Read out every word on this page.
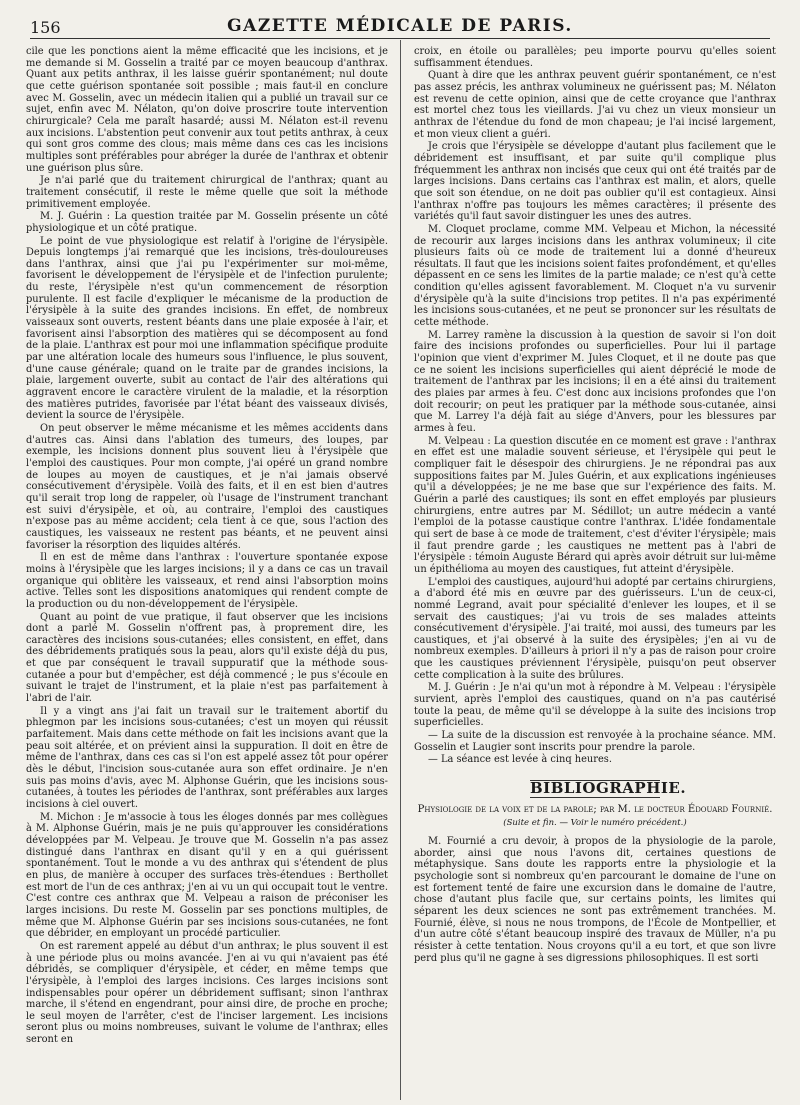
156	GAZETTE MÉDICALE DE PARIS.

cile que les ponctions aient la même efficacité que les incisions, et je me demande si M. Gosselin a traité par ce moyen beaucoup d'anthrax. Quant aux petits anthrax, il les laisse guérir spontanément; nul doute que cette guérison spontanée soit possible ; mais faut-il en conclure avec M. Gosselin, avec un médecin italien qui a publié un travail sur ce sujet, enfin avec M. Nélaton, qu'on doive proscrire toute intervention chirurgicale? Cela me paraît hasardé; aussi M. Nélaton est-il revenu aux incisions. L'abstention peut convenir aux tout petits anthrax, à ceux qui sont gros comme des clous; mais même dans ces cas les incisions multiples sont préférables pour abréger la durée de l'anthrax et obtenir une guérison plus sûre.

Je n'ai parlé que du traitement chirurgical de l'anthrax; quant au traitement consécutif, il reste le même quelle que soit la méthode primitivement employée.

M. J. Guérin : La question traitée par M. Gosselin présente un côté physiologique et un côté pratique.

Le point de vue physiologique est relatif à l'origine de l'érysipèle. Depuis longtemps j'ai remarqué que les incisions, très-douloureuses dans l'anthrax, ainsi que j'ai pu l'expérimenter sur moi-même, favorisent le développement de l'érysipèle et de l'infection purulente; du reste, l'érysipèle n'est qu'un commencement de résorption purulente. Il est facile d'expliquer le mécanisme de la production de l'érysipèle à la suite des grandes incisions. En effet, de nombreux vaisseaux sont ouverts, restent béants dans une plaie exposée à l'air, et favorisent ainsi l'absorption des matières qui se décomposent au fond de la plaie. L'anthrax est pour moi une inflammation spécifique produite par une altération locale des humeurs sous l'influence, le plus souvent, d'une cause générale; quand on le traite par de grandes incisions, la plaie, largement ouverte, subit au contact de l'air des altérations qui aggravent encore le caractère virulent de la maladie, et la résorption des matières putrides, favorisée par l'état béant des vaisseaux divisés, devient la source de l'érysipèle.

On peut observer le même mécanisme et les mêmes accidents dans d'autres cas. Ainsi dans l'ablation des tumeurs, des loupes, par exemple, les incisions donnent plus souvent lieu à l'érysipèle que l'emploi des caustiques. Pour mon compte, j'ai opéré un grand nombre de loupes au moyen de caustiques, et je n'ai jamais observé consécutivement d'érysipèle. Voilà des faits, et il en est bien d'autres qu'il serait trop long de rappeler, où l'usage de l'instrument tranchant est suivi d'érysipèle, et où, au contraire, l'emploi des caustiques n'expose pas au même accident; cela tient à ce que, sous l'action des caustiques, les vaisseaux ne restent pas béants, et ne peuvent ainsi favoriser la résorption des liquides altérés.

Il en est de même dans l'anthrax : l'ouverture spontanée expose moins à l'érysipèle que les larges incisions; il y a dans ce cas un travail organique qui oblitère les vaisseaux, et rend ainsi l'absorption moins active. Telles sont les dispositions anatomiques qui rendent compte de la production ou du non-développement de l'érysipèle.

Quant au point de vue pratique, il faut observer que les incisions dont a parlé M. Gosselin n'offrent pas, à proprement dire, les caractères des incisions sous-cutanées; elles consistent, en effet, dans des débridements pratiqués sous la peau, alors qu'il existe déjà du pus, et que par conséquent le travail suppuratif que la méthode sous-cutanée a pour but d'empêcher, est déjà commencé ; le pus s'écoule en suivant le trajet de l'instrument, et la plaie n'est pas parfaitement à l'abri de l'air.

Il y a vingt ans j'ai fait un travail sur le traitement abortif du phlegmon par les incisions sous-cutanées; c'est un moyen qui réussit parfaitement. Mais dans cette méthode on fait les incisions avant que la peau soit altérée, et on prévient ainsi la suppuration. Il doit en être de même de l'anthrax, dans ces cas si l'on est appelé assez tôt pour opérer dès le début, l'incision sous-cutanée aura son effet ordinaire. Je n'en suis pas moins d'avis, avec M. Alphonse Guérin, que les incisions sous-cutanées, à toutes les périodes de l'anthrax, sont préférables aux larges incisions à ciel ouvert.

M. Michon : Je m'associe à tous les éloges donnés par mes collègues à M. Alphonse Guérin, mais je ne puis qu'approuver les considérations développées par M. Velpeau. Je trouve que M. Gosselin n'a pas assez distingué dans l'anthrax en disant qu'il y en a qui guérissent spontanément. Tout le monde a vu des anthrax qui s'étendent de plus en plus, de manière à occuper des surfaces très-étendues : Berthollet est mort de l'un de ces anthrax; j'en ai vu un qui occupait tout le ventre. C'est contre ces anthrax que M. Velpeau a raison de préconiser les larges incisions. Du reste M. Gosselin par ses ponctions multiples, de même que M. Alphonse Guérin par ses incisions sous-cutanées, ne font que débrider, en employant un procédé particulier.

On est rarement appelé au début d'un anthrax; le plus souvent il est à une période plus ou moins avancée. J'en ai vu qui n'avaient pas été débridés, se compliquer d'érysipèle, et céder, en même temps que l'érysipèle, à l'emploi des larges incisions. Ces larges incisions sont indispensables pour opérer un débridement suffisant; sinon l'anthrax marche, il s'étend en engendrant, pour ainsi dire, de proche en proche; le seul moyen de l'arrêter, c'est de l'inciser largement. Les incisions seront plus ou moins nombreuses, suivant le volume de l'anthrax; elles seront en

croix, en étoile ou parallèles; peu importe pourvu qu'elles soient suffisamment étendues.

Quant à dire que les anthrax peuvent guérir spontanément, ce n'est pas assez précis, les anthrax volumineux ne guérissent pas; M. Nélaton est revenu de cette opinion, ainsi que de cette croyance que l'anthrax est mortel chez tous les vieillards. J'ai vu chez un vieux monsieur un anthrax de l'étendue du fond de mon chapeau; je l'ai incisé largement, et mon vieux client a guéri.

Je crois que l'érysipèle se développe d'autant plus facilement que le débridement est insuffisant, et par suite qu'il complique plus fréquemment les anthrax non incisés que ceux qui ont été traités par de larges incisions. Dans certains cas l'anthrax est malin, et alors, quelle que soit son étendue, on ne doit pas oublier qu'il est contagieux. Ainsi l'anthrax n'offre pas toujours les mêmes caractères; il présente des variétés qu'il faut savoir distinguer les unes des autres.

M. Cloquet proclame, comme MM. Velpeau et Michon, la nécessité de recourir aux larges incisions dans les anthrax volumineux; il cite plusieurs faits où ce mode de traitement lui a donné d'heureux résultats. Il faut que les incisions soient faites profondément, et qu'elles dépassent en ce sens les limites de la partie malade; ce n'est qu'à cette condition qu'elles agissent favorablement. M. Cloquet n'a vu survenir d'érysipèle qu'à la suite d'incisions trop petites. Il n'a pas expérimenté les incisions sous-cutanées, et ne peut se prononcer sur les résultats de cette méthode.

M. Larrey ramène la discussion à la question de savoir si l'on doit faire des incisions profondes ou superficielles. Pour lui il partage l'opinion que vient d'exprimer M. Jules Cloquet, et il ne doute pas que ce ne soient les incisions superficielles qui aient déprécié le mode de traitement de l'anthrax par les incisions; il en a été ainsi du traitement des plaies par armes à feu. C'est donc aux incisions profondes que l'on doit recourir; on peut les pratiquer par la méthode sous-cutanée, ainsi que M. Larrey l'a déjà fait au siége d'Anvers, pour les blessures par armes à feu.

M. Velpeau : La question discutée en ce moment est grave : l'anthrax en effet est une maladie souvent sérieuse, et l'érysipèle qui peut le compliquer fait le désespoir des chirurgiens. Je ne répondrai pas aux suppositions faites par M. Jules Guérin, et aux explications ingénieuses qu'il a développées; je ne me base que sur l'expérience des faits. M. Guérin a parlé des caustiques; ils sont en effet employés par plusieurs chirurgiens, entre autres par M. Sédillot; un autre médecin a vanté l'emploi de la potasse caustique contre l'anthrax. L'idée fondamentale qui sert de base à ce mode de traitement, c'est d'éviter l'érysipèle; mais il faut prendre garde ; les caustiques ne mettent pas à l'abri de l'érysipèle : témoin Auguste Bérard qui après avoir détruit sur lui-même un épithélioma au moyen des caustiques, fut atteint d'érysipèle.

L'emploi des caustiques, aujourd'hui adopté par certains chirurgiens, a d'abord été mis en œuvre par des guérisseurs. L'un de ceux-ci, nommé Legrand, avait pour spécialité d'enlever les loupes, et il se servait des caustiques; j'ai vu trois de ses malades atteints consécutivement d'érysipèle. J'ai traité, moi aussi, des tumeurs par les caustiques, et j'ai observé à la suite des érysipèles; j'en ai vu de nombreux exemples. D'ailleurs à priori il n'y a pas de raison pour croire que les caustiques préviennent l'érysipèle, puisqu'on peut observer cette complication à la suite des brûlures.

M. J. Guérin : Je n'ai qu'un mot à répondre à M. Velpeau : l'érysipèle survient, après l'emploi des caustiques, quand on n'a pas cautérisé toute la peau, de même qu'il se développe à la suite des incisions trop superficielles.

— La suite de la discussion est renvoyée à la prochaine séance. MM. Gosselin et Laugier sont inscrits pour prendre la parole.

— La séance est levée à cinq heures.

BIBLIOGRAPHIE.
Physiologie de la voix et de la parole; par M. le docteur Édouard Fournié.
(Suite et fin. — Voir le numéro précédent.)

M. Fournié a cru devoir, à propos de la physiologie de la parole, aborder, ainsi que nous l'avons dit, certaines questions de métaphysique. Sans doute les rapports entre la physiologie et la psychologie sont si nombreux qu'en parcourant le domaine de l'une on est fortement tenté de faire une excursion dans le domaine de l'autre, chose d'autant plus facile que, sur certains points, les limites qui séparent les deux sciences ne sont pas extrêmement tranchées. M. Fournié, élève, si nous ne nous trompons, de l'École de Montpellier, et d'un autre côté s'étant beaucoup inspiré des travaux de Müller, n'a pu résister à cette tentation. Nous croyons qu'il a eu tort, et que son livre perd plus qu'il ne gagne à ses digressions philosophiques. Il est sorti
